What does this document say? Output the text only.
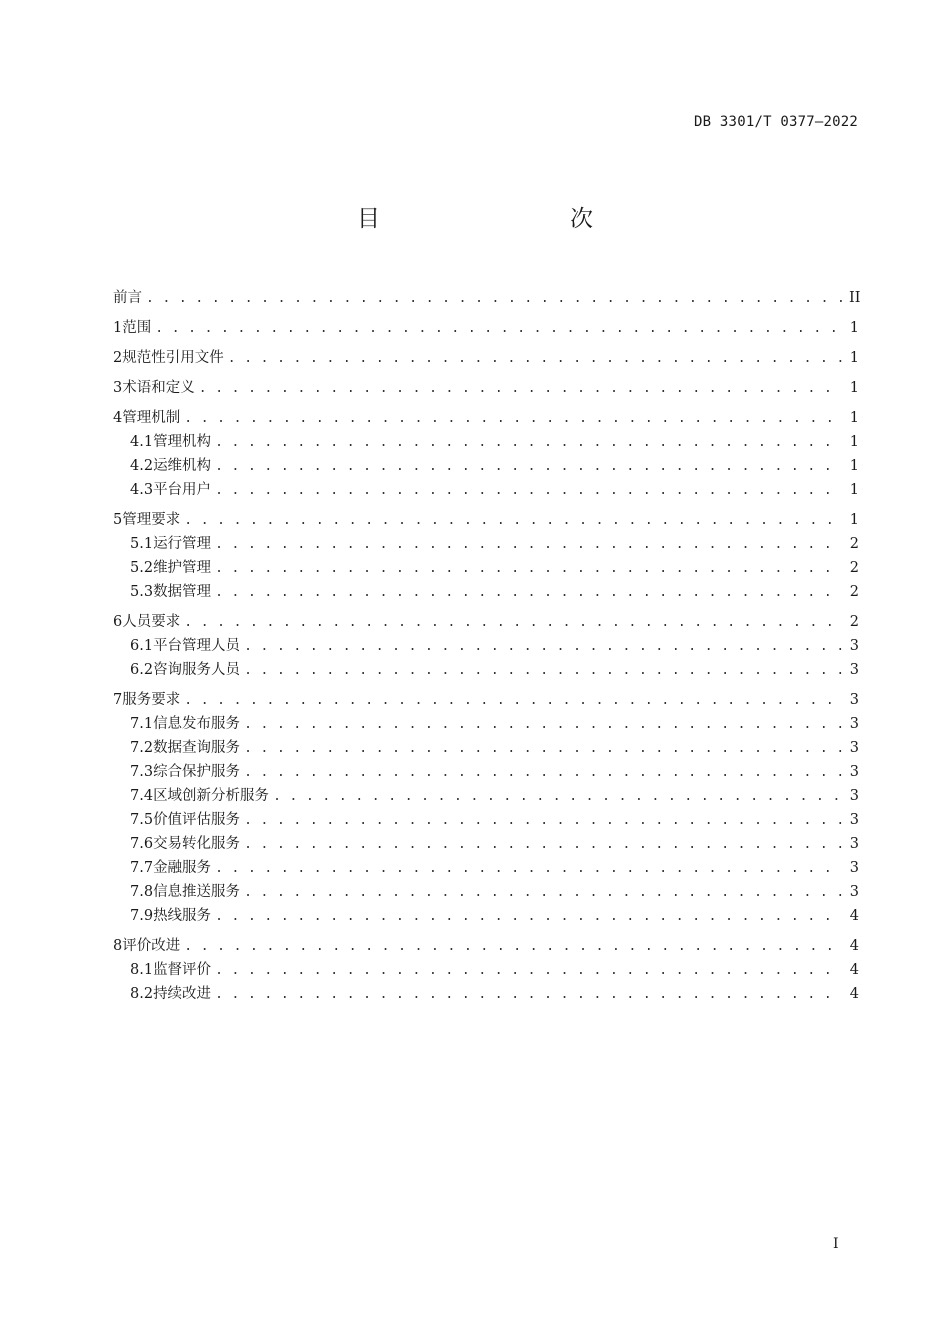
DB 3301/T 0377—2022
目　　次
前言 . . .	II
1 范围 . . .	1
2 规范性引用文件 . . .	1
3 术语和定义 . . .	1
4 管理机制 . . .	1
4.1 管理机构 . . .	1
4.2 运维机构 . . .	1
4.3 平台用户 . . .	1
5 管理要求 . . .	1
5.1 运行管理 . . .	2
5.2 维护管理 . . .	2
5.3 数据管理 . . .	2
6 人员要求 . . .	2
6.1 平台管理人员 . . .	3
6.2 咨询服务人员 . . .	3
7 服务要求 . . .	3
7.1 信息发布服务 . . .	3
7.2 数据查询服务 . . .	3
7.3 综合保护服务 . . .	3
7.4 区域创新分析服务 . . .	3
7.5 价值评估服务 . . .	3
7.6 交易转化服务 . . .	3
7.7 金融服务 . . .	3
7.8 信息推送服务 . . .	3
7.9 热线服务 . . .	4
8 评价改进 . . .	4
8.1 监督评价 . . .	4
8.2 持续改进 . . .	4
I
